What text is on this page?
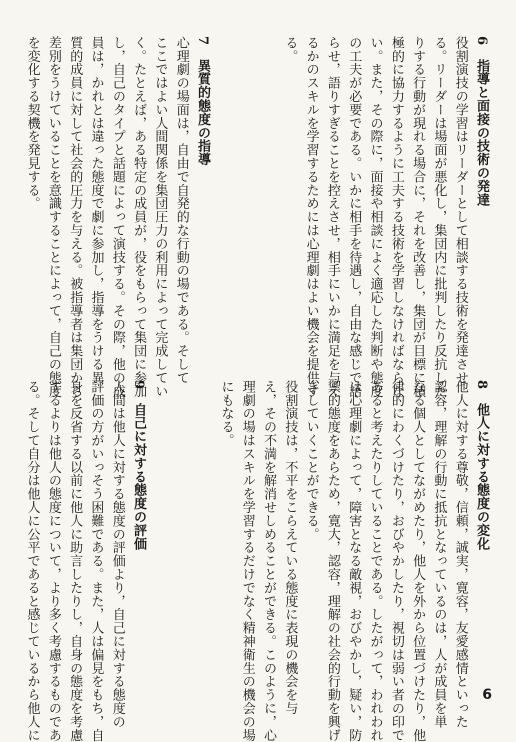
6　指導と面接の技術の発達
役割演技の学習はリーダーとして相談する技術を発達させ
る。リーダーは場面が悪化し，集団内に批判したり反抗した
りする行動が現れる場合に，それを改善し，集団が目標に積
極的に協力するように工夫する技術を学習しなければならな
い。また，その際に，面接や相談によく適応した判断や態度
の工夫が必要である。いかに相手を待遇し，自由な感じで語
らせ，語りすぎることを控えさせ，相手にいかに満足を与え
るかのスキルを学習するためには心理劇はよい機会を提供す
る。
7　異質的態度の指導
心理劇の場面は，自由で自発的な行動の場である。そして
ここではよい人間関係を集団圧力の利用によって完成してい
く。たとえば，ある特定の成員が，役をもらって集団に参加
し，自己のタイプと話題によって演技する。その際，他の成
員は，かれとは違った態度で劇に参加し，指導をうける異
質的成員に対して社会的圧力を与える。被指導者は集団から
差別をうけていることを意識することによって，自己の態度
を変化する契機を発見する。
8　他人に対する態度の変化
他人に対する尊敬，信頼，誠実，寛容，友愛感情といった
認容，理解の行動に抵抗となっているのは，人が成員を単
なる個人としてながめたり，他人を外から位置づけたり，他
律的にわくづけたり，おびやかしたり，視切は弱い者の印で
あると考えたりしていることである。したがって，われわれ
は心理劇によって，障害となる敵視，おびやかし，疑い，防
禦的態度をあらため，寛大，認容，理解の社会的行動を興げ
きしていくことができる。
役割演技は，不平をこらえている態度に表現の機会を与
え，その不満を解消せしめることができる。このように，心
理劇の場はスキルを学習するだけでなく精神衛生の機会の場
にもなる。
9　自己に対する態度の評価
人間は他人に対する態度の評価より，自己に対する態度の
評価の方がいっそう困難である。また，人は偏見をもち，自
身を反省する以前に他人に助言したりし，自身の態度を考慮
するよりは他人の態度について，より多く考慮するものであ
る。そして自分は他人に公平であると感じているから他人に	6
